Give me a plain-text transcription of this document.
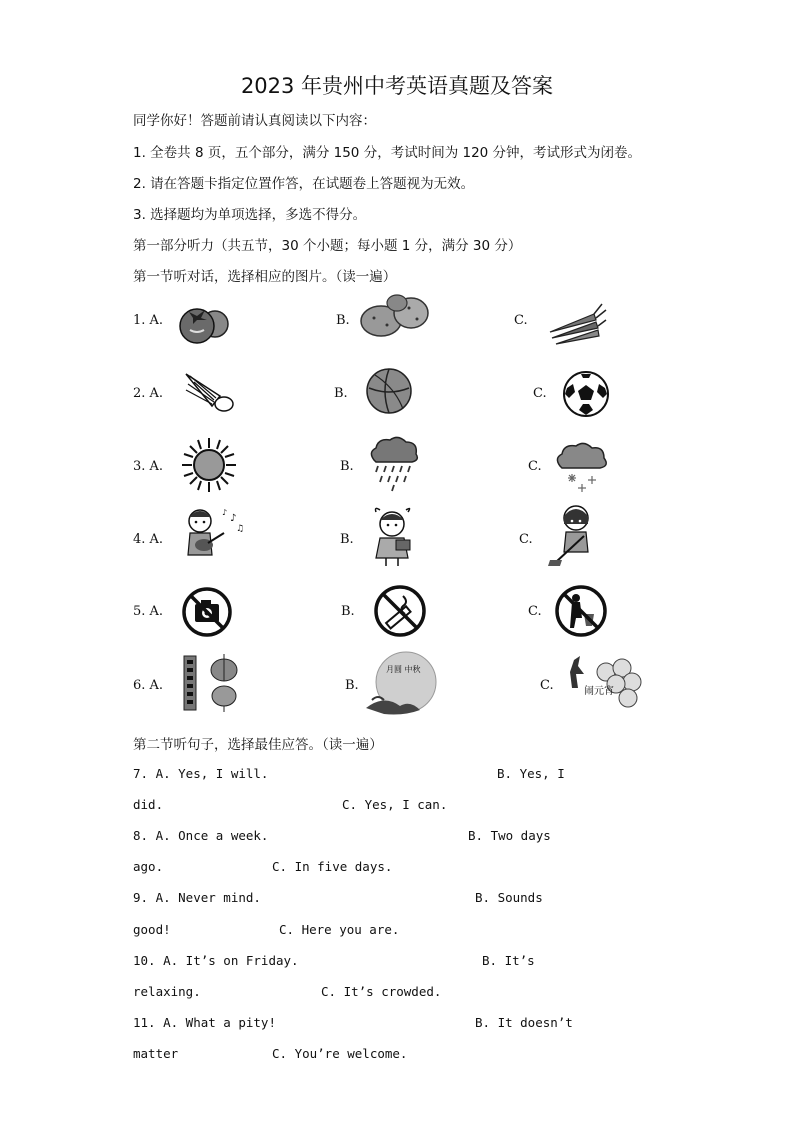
2023 年贵州中考英语真题及答案
同学你好！答题前请认真阅读以下内容：
1. 全卷共 8 页，五个部分，满分 150 分，考试时间为 120 分钟，考试形式为闭卷。
2. 请在答题卡指定位置作答，在试题卷上答题视为无效。
3. 选择题均为单项选择，多选不得分。
第一部分听力（共五节，30 个小题；每小题 1 分，满分 30 分）
第一节听对话，选择相应的图片。（读一遍）
1. A.	B.	C.
2. A.	B.	C.
3. A.	B.	C.
4. A.	B.	C.
♪
♫
♪
5. A.	B.	C.
6. A.	B.	C.
月圆 中秋
闹元宵
第二节听句子，选择最佳应答。（读一遍）
7. A. Yes, I will.	B. Yes, I
did.	C. Yes, I can.
8. A. Once a week.	B. Two days
ago.	C. In five days.
9. A. Never mind.	B. Sounds
good!	C. Here you are.
10. A. It’s on Friday.	B. It’s
relaxing.	C. It’s crowded.
11. A. What a pity!	B. It doesn’t
matter	C. You’re welcome.
